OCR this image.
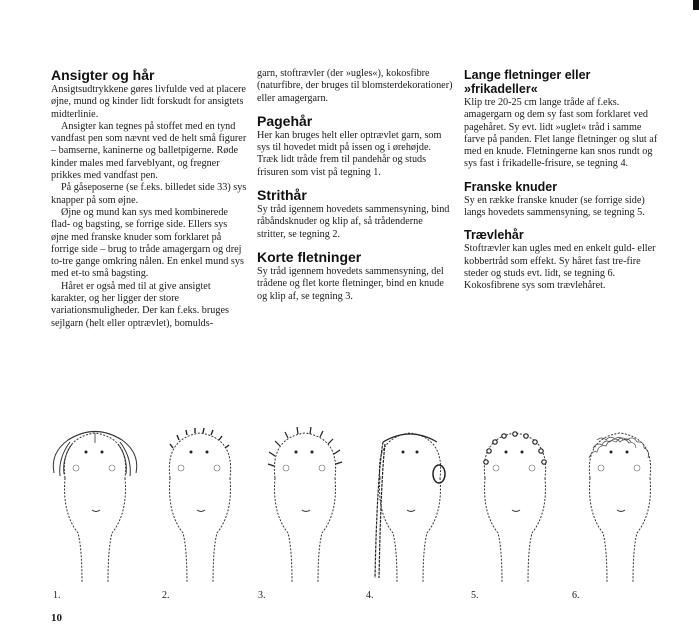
Ansigter og hår

Ansigtsudtrykkene gøres livfulde ved at placere øjne, mund og kinder lidt forskudt for ansigtets midterlinie.

Ansigter kan tegnes på stoffet med en tynd vandfast pen som nævnt ved de helt små figurer – bamserne, kaninerne og balletpigerne. Røde kinder males med farveblyant, og fregner prikkes med vandfast pen.

På gåseposerne (se f.eks. billedet side 33) sys knapper på som øjne.

Øjne og mund kan sys med kombinerede flad- og bagsting, se forrige side. Ellers sys øjne med franske knuder som forklaret på forrige side – brug to tråde amagergarn og drej to-tre gange omkring nålen. En enkel mund sys med et-to små bagsting.

Håret er også med til at give ansigtet karakter, og her ligger der store variationsmuligheder. Der kan f.eks. bruges sejlgarn (helt eller optrævlet), bomulds-

garn, stoftrævler (der »ugles«), kokosfibre (naturfibre, der bruges til blomsterdekorationer) eller amagergarn.

Pagehår

Her kan bruges helt eller optrævlet garn, som sys til hovedet midt på issen og i ørehøjde. Træk lidt tråde frem til pandehår og studs frisuren som vist på tegning 1.

Strithår

Sy tråd igennem hovedets sammensyning, bind råbåndsknuder og klip af, så trådenderne stritter, se tegning 2.

Korte fletninger

Sy tråd igennem hovedets sammensyning, del trådene og flet korte fletninger, bind en knude og klip af, se tegning 3.

Lange fletninger eller »frikadeller«

Klip tre 20-25 cm lange tråde af f.eks. amagergarn og dem sy fast som forklaret ved pagehåret. Sy evt. lidt »uglet« tråd i samme farve på panden. Flet lange fletninger og slut af med en knude. Fletningerne kan snos rundt og sys fast i frikadelle-frisure, se tegning 4.

Franske knuder

Sy en række franske knuder (se forrige side) langs hovedets sammensyning, se tegning 5.

Trævlehår

Stoftrævler kan ugles med en enkelt guld- eller kobbertråd som effekt. Sy håret fast tre-fire steder og studs evt. lidt, se tegning 6. Kokosfibrene sys som trævlehåret.

1.	2.	3.	4.	5.	6.
10
